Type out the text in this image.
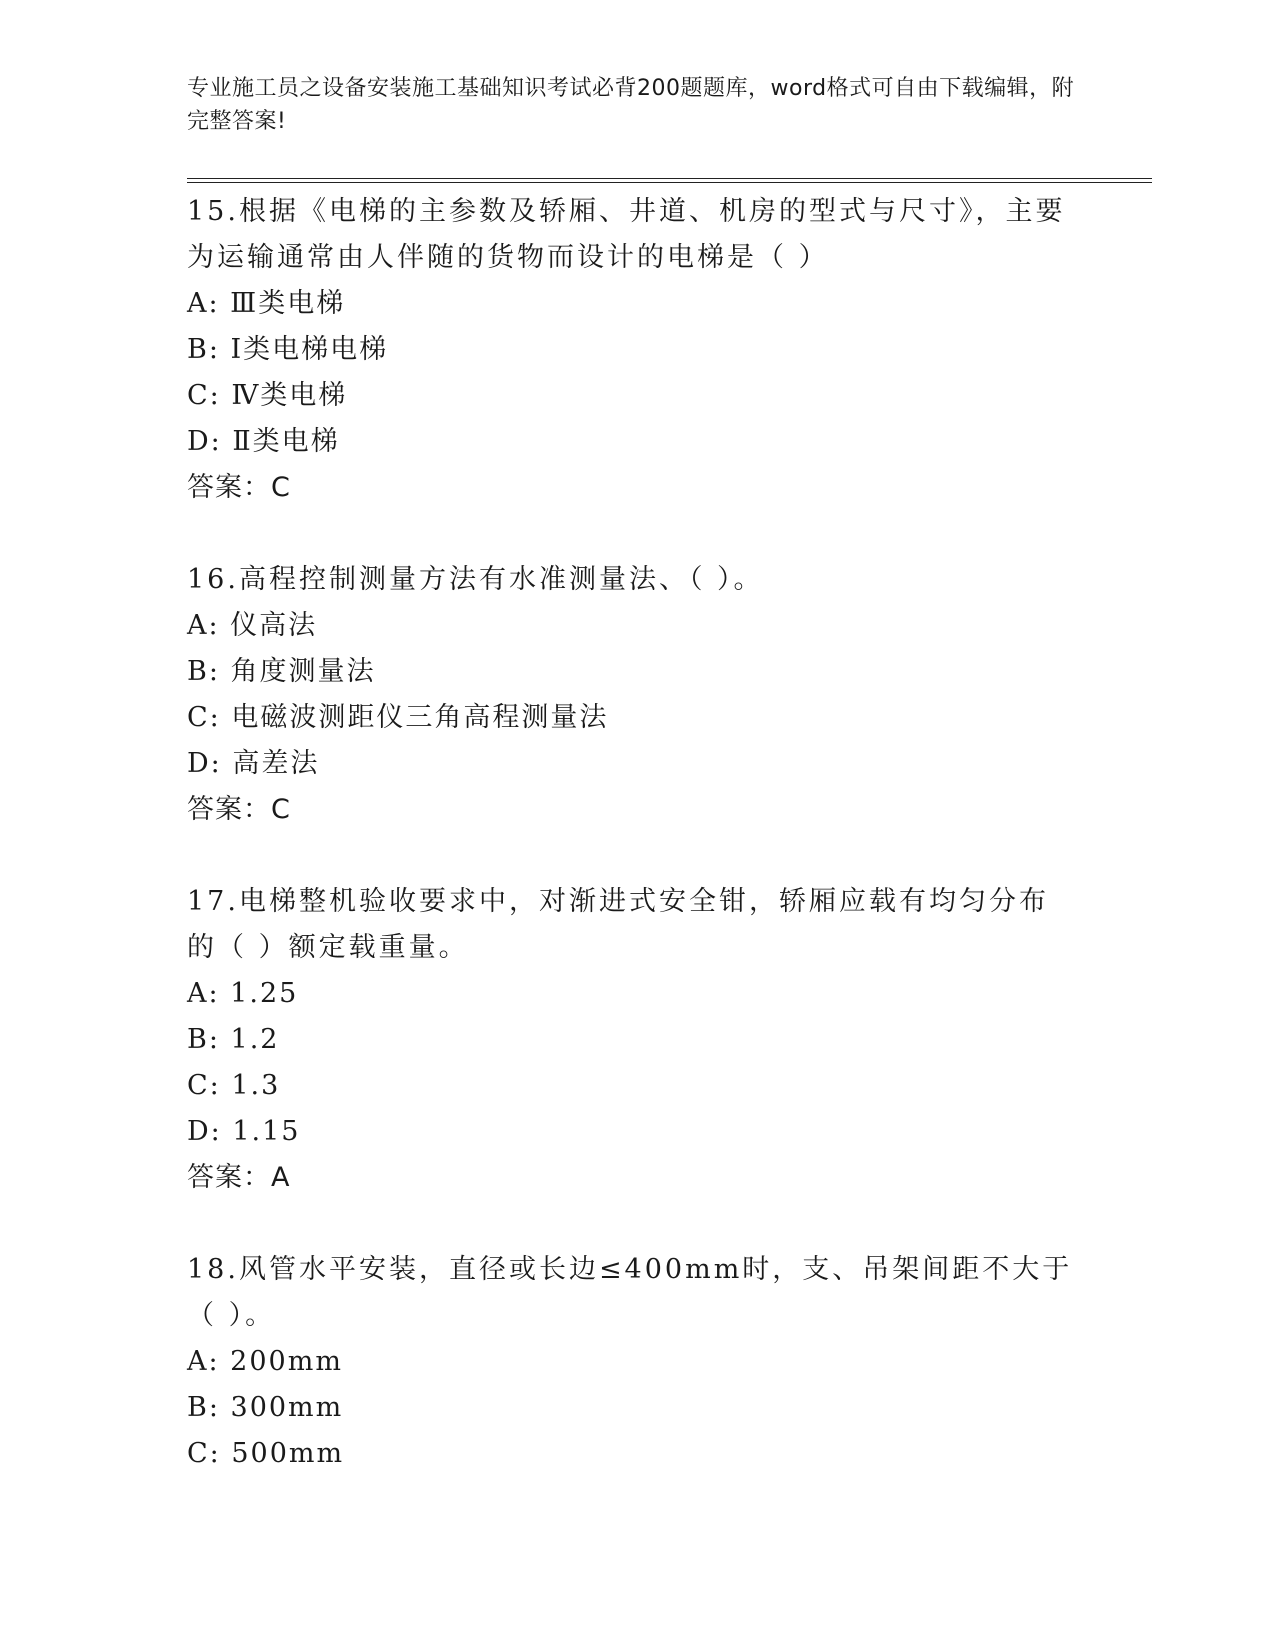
专业施工员之设备安装施工基础知识考试必背200题题库，word格式可自由下载编辑，附完整答案!
15.根据《电梯的主参数及轿厢、井道、机房的型式与尺寸》，主要为运输通常由人伴随的货物而设计的电梯是（ ）
A: Ⅲ类电梯
B: Ⅰ类电梯电梯
C: Ⅳ类电梯
D: Ⅱ类电梯
答案：C
16.高程控制测量方法有水准测量法、（ ）。
A: 仪高法
B: 角度测量法
C: 电磁波测距仪三角高程测量法
D: 高差法
答案：C
17.电梯整机验收要求中，对渐进式安全钳，轿厢应载有均匀分布的（ ）额定载重量。
A: 1.25
B: 1.2
C: 1.3
D: 1.15
答案：A
18.风管水平安装，直径或长边≤400mm时，支、吊架间距不大于（ ）。
A: 200mm
B: 300mm
C: 500mm
